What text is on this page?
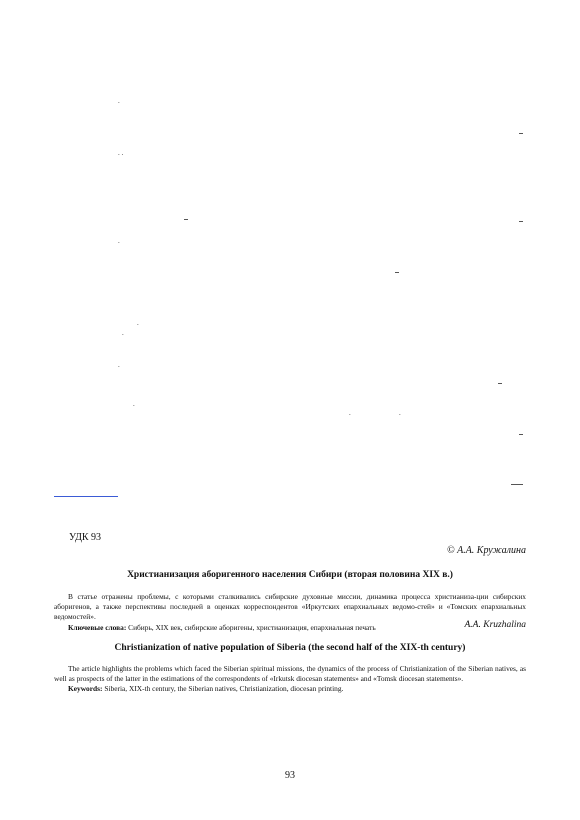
.
. .
.
.
.
.
.
.	.
УДК 93
© А.А. Кружалина
Христианизация аборигенного населения Сибири (вторая половина XIX в.)

В статье отражены проблемы, с которыми сталкивались сибирские духовные миссии, динамика процесса христианиза-ции сибирских аборигенов, а также перспективы последней в оценках корреспондентов «Иркутских епархиальных ведомо-стей» и «Томских епархиальных ведомостей».

Ключевые слова: Сибирь, XIX век, сибирские аборигены, христианизация, епархиальная печать	A.A. Kruzhalina
Christianization of native population of Siberia (the second half of the XIX-th century)

The article highlights the problems which faced the Siberian spiritual missions, the dynamics of the process of Christianization of the Siberian natives, as well as prospects of the latter in the estimations of the correspondents of «Irkutsk diocesan statements» and «Tomsk diocesan statements».

Keywords: Siberia, XIX-th century, the Siberian natives, Christianization, diocesan printing.

93
